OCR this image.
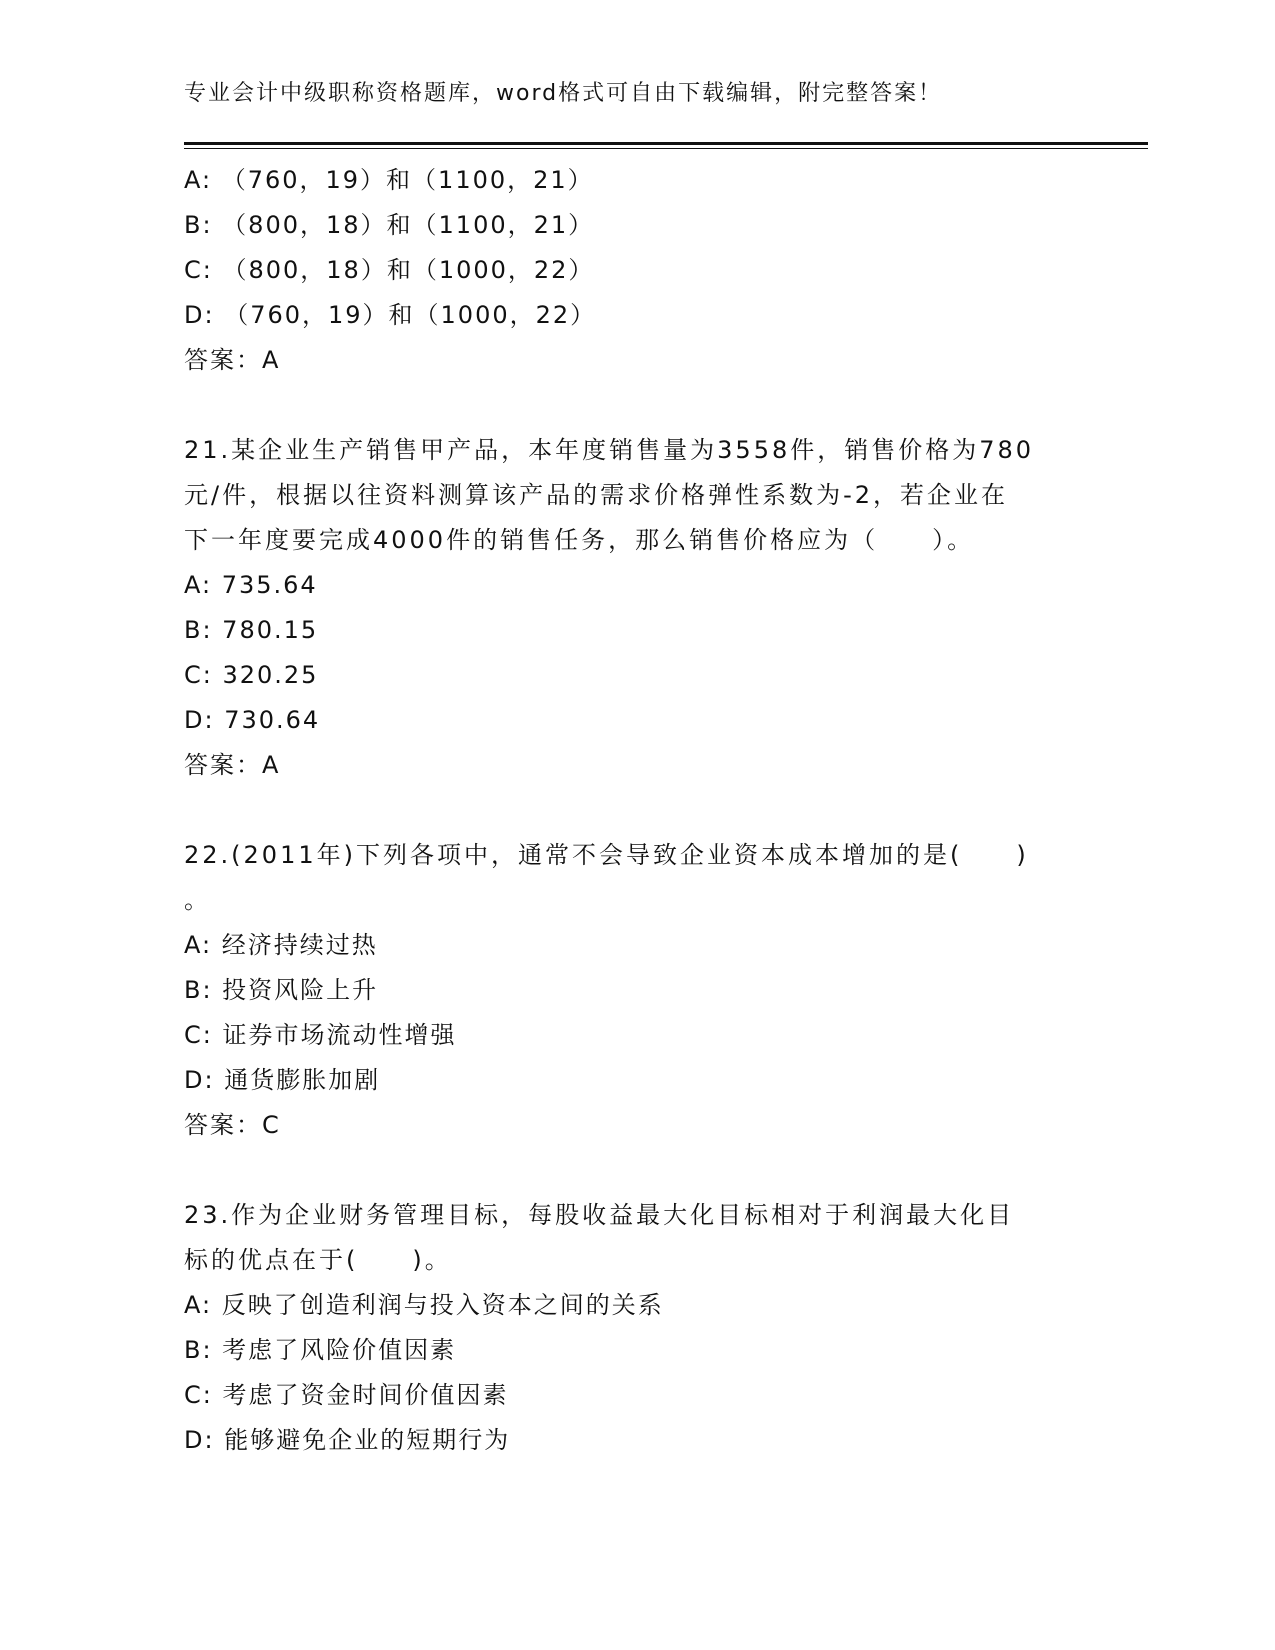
专业会计中级职称资格题库，word格式可自由下载编辑，附完整答案！
A: （760，19）和（1100，21）
B: （800，18）和（1100，21）
C: （800，18）和（1000，22）
D: （760，19）和（1000，22）
答案：A
21.某企业生产销售甲产品，本年度销售量为3558件，销售价格为780
元/件，根据以往资料测算该产品的需求价格弹性系数为-2，若企业在
下一年度要完成4000件的销售任务，那么销售价格应为（　　）。
A: 735.64
B: 780.15
C: 320.25
D: 730.64
答案：A
22.(2011年)下列各项中，通常不会导致企业资本成本增加的是(　　)
。
A: 经济持续过热
B: 投资风险上升
C: 证券市场流动性增强
D: 通货膨胀加剧
答案：C
23.作为企业财务管理目标，每股收益最大化目标相对于利润最大化目
标的优点在于(　　)。
A: 反映了创造利润与投入资本之间的关系
B: 考虑了风险价值因素
C: 考虑了资金时间价值因素
D: 能够避免企业的短期行为
